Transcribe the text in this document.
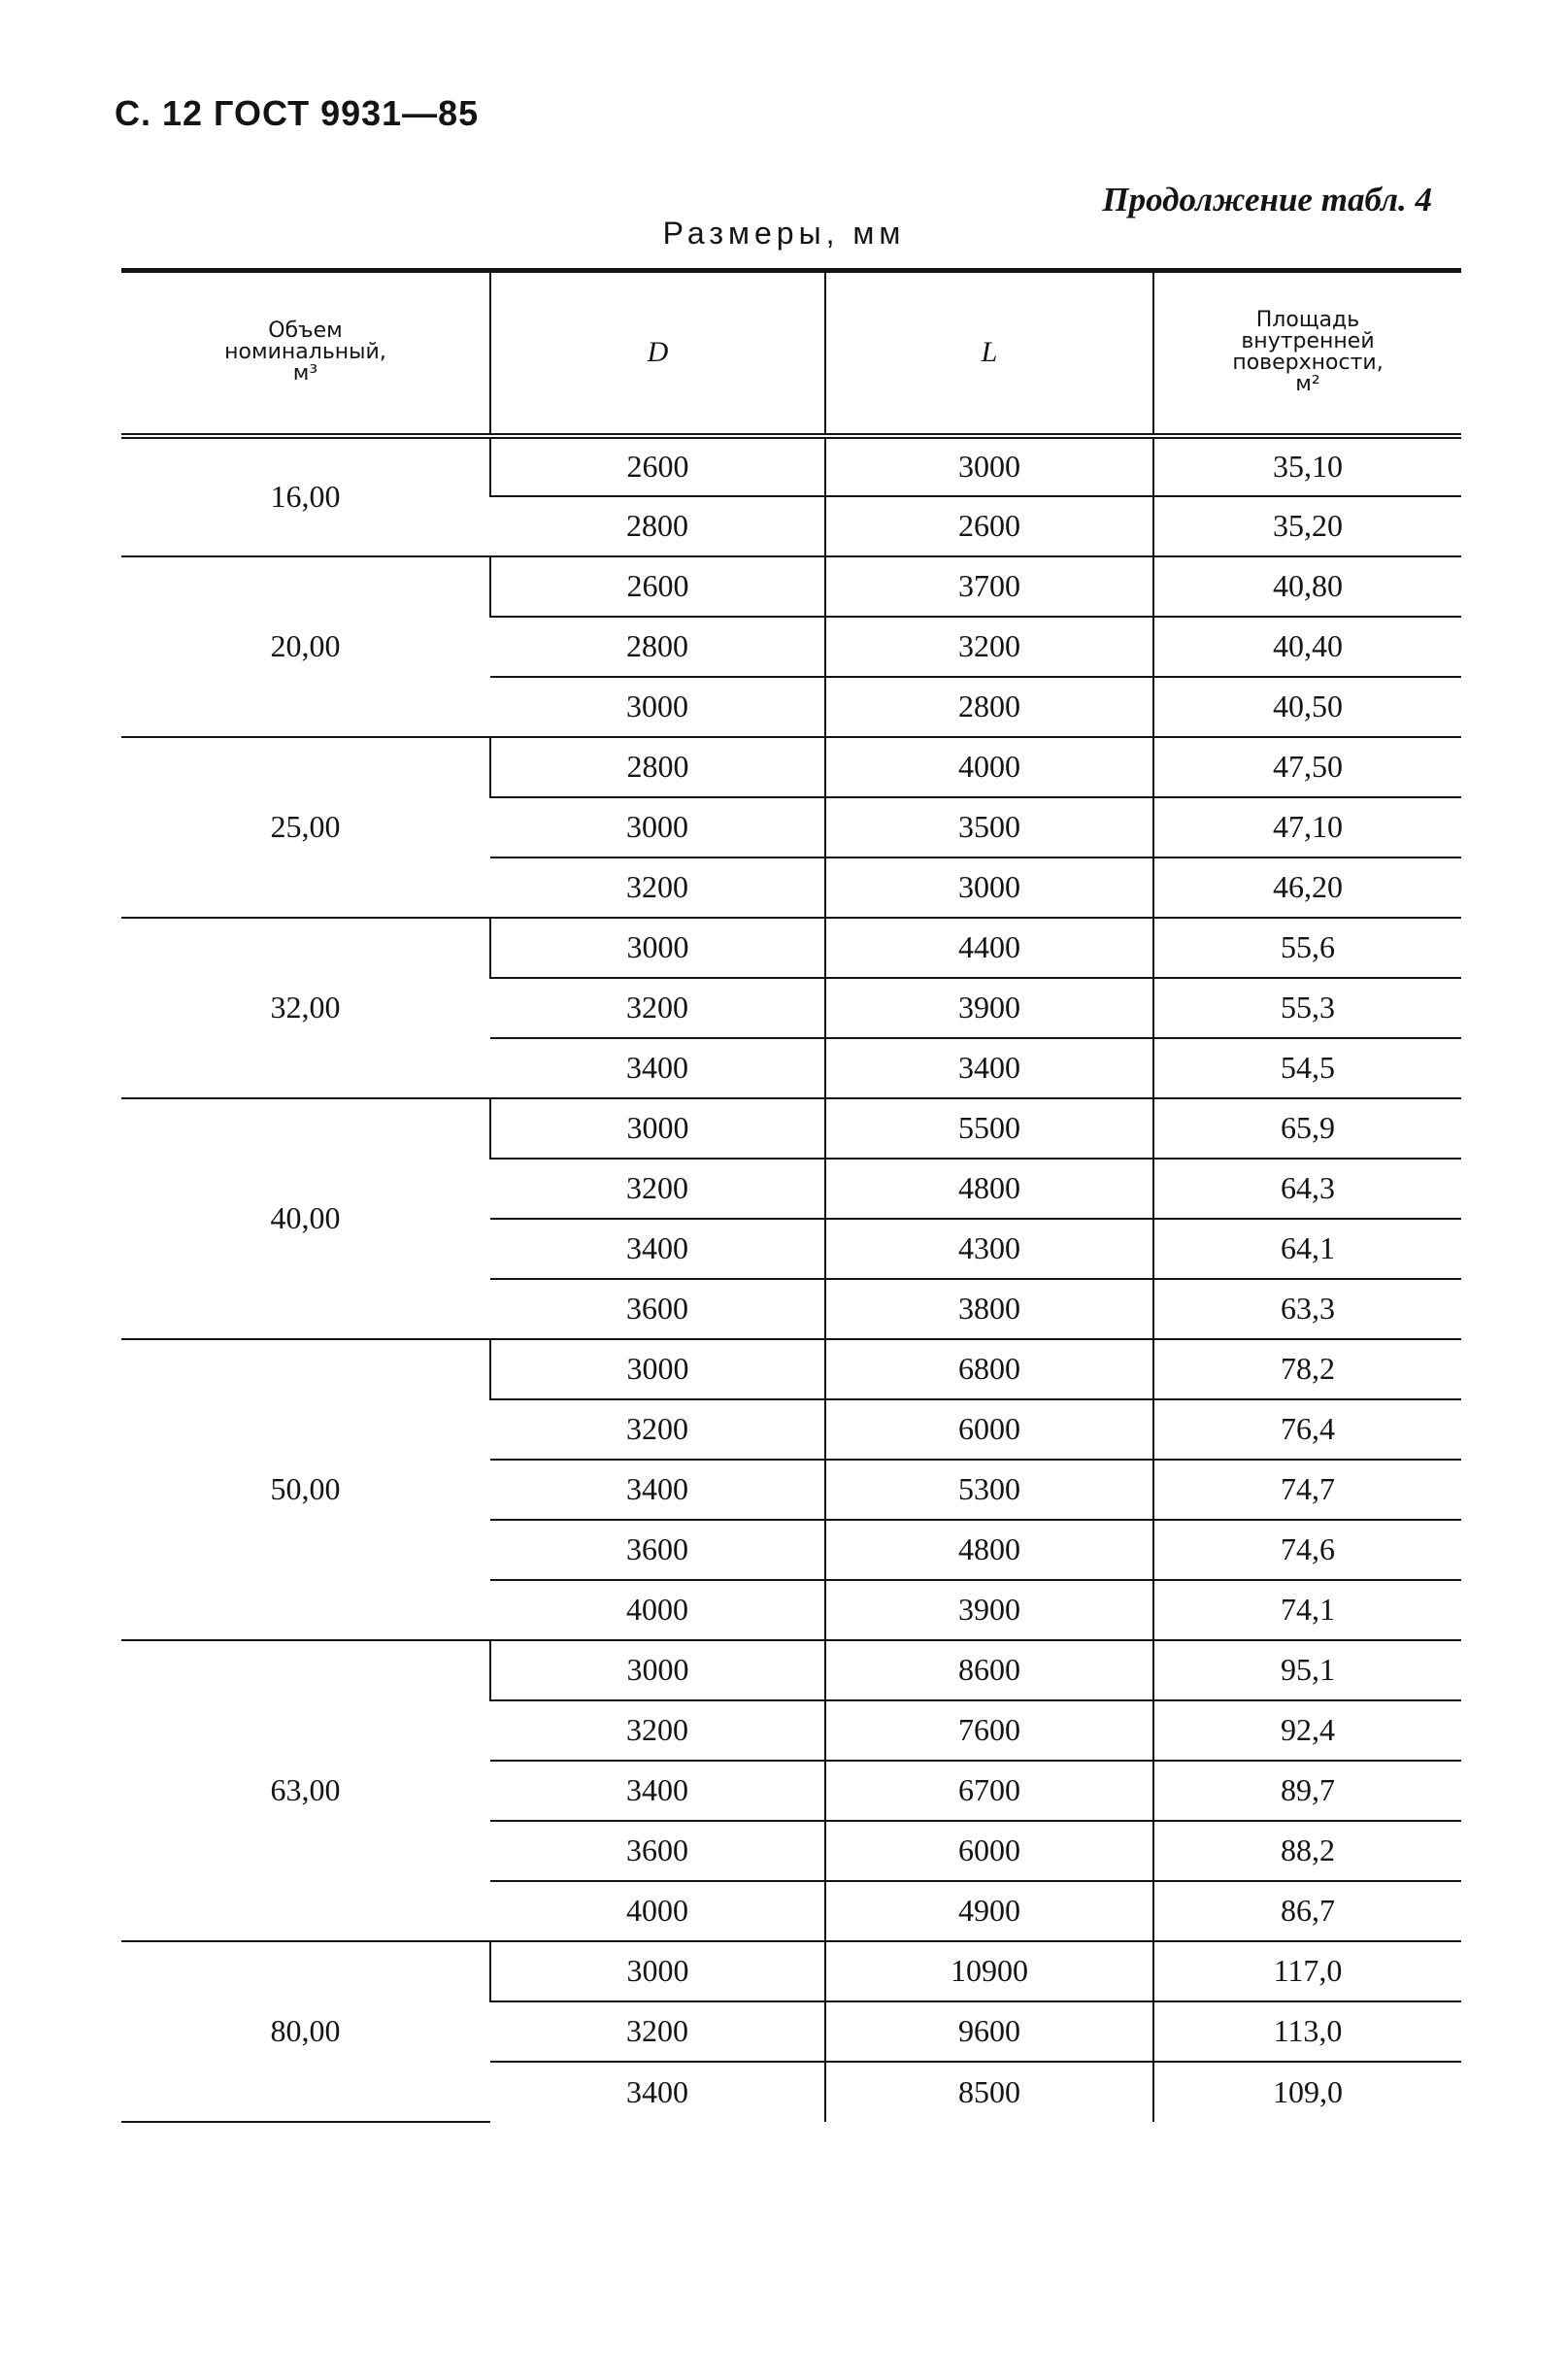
С. 12 ГОСТ 9931—85
Продолжение табл. 4
Размеры, мм
Объем
номинальный,
м³	D	L	Площадь
внутренней
поверхности,
м²

16,00	2600	3000	35,10
	2800	2600	35,20
20,00	2600	3700	40,80
	2800	3200	40,40
	3000	2800	40,50
25,00	2800	4000	47,50
	3000	3500	47,10
	3200	3000	46,20
32,00	3000	4400	55,6
	3200	3900	55,3
	3400	3400	54,5
40,00	3000	5500	65,9
	3200	4800	64,3
	3400	4300	64,1
	3600	3800	63,3
50,00	3000	6800	78,2
	3200	6000	76,4
	3400	5300	74,7
	3600	4800	74,6
	4000	3900	74,1
63,00	3000	8600	95,1
	3200	7600	92,4
	3400	6700	89,7
	3600	6000	88,2
	4000	4900	86,7
80,00	3000	10900	117,0
	3200	9600	113,0
	3400	8500	109,0
